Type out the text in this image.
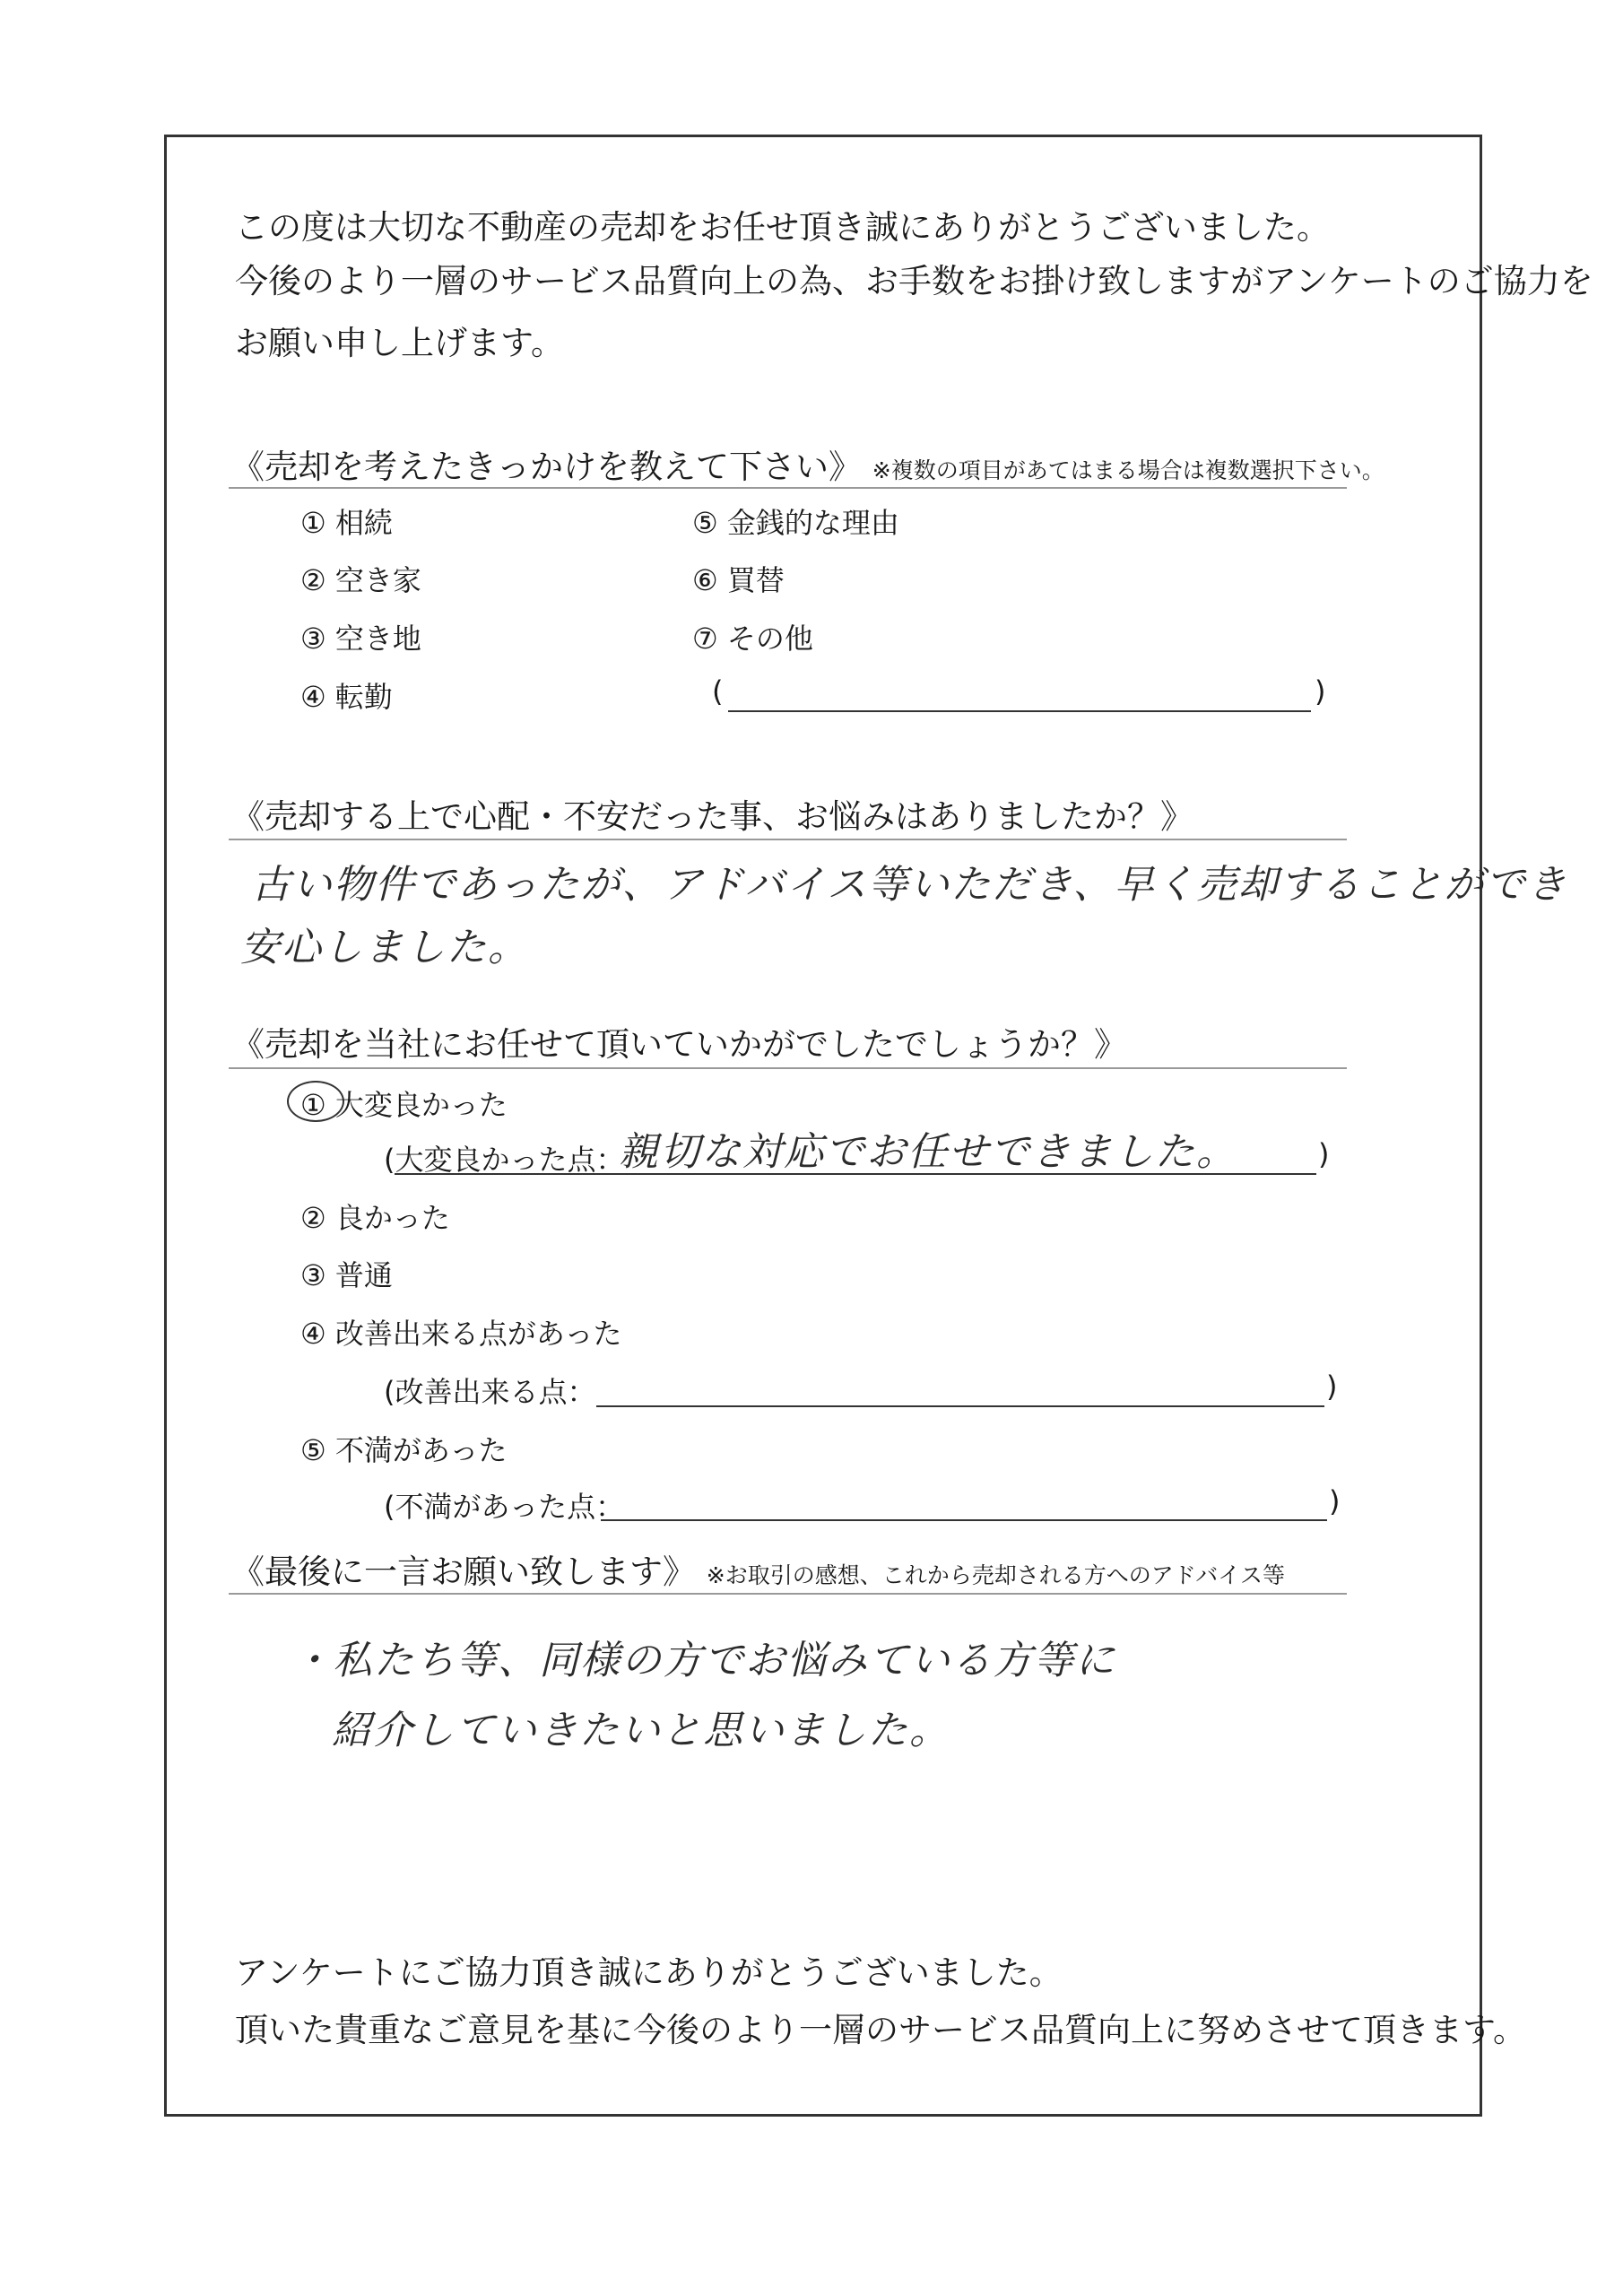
この度は大切な不動産の売却をお任せ頂き誠にありがとうございました。
今後のより一層のサービス品質向上の為、お手数をお掛け致しますがアンケートのご協力を
お願い申し上げます。
《売却を考えたきっかけを教えて下さい》 ※複数の項目があてはまる場合は複数選択下さい。
① 相続
② 空き家
③ 空き地
④ 転勤
⑤ 金銭的な理由
⑥ 買替
⑦ その他
(	)
《売却する上で心配・不安だった事、お悩みはありましたか？》
古い物件であったが、アドバイス等いただき、早く売却することができ
安心しました。
《売却を当社にお任せて頂いていかがでしたでしょうか？》
① 大変良かった
(大変良かった点：
親切な対応でお任せできました。	)
② 良かった
③ 普通
④ 改善出来る点があった
(改善出来る点：	)
⑤ 不満があった
(不満があった点：	)
《最後に一言お願い致します》 ※お取引の感想、これから売却される方へのアドバイス等
・私たち等、同様の方でお悩みている方等に
紹介していきたいと思いました。
アンケートにご協力頂き誠にありがとうございました。
頂いた貴重なご意見を基に今後のより一層のサービス品質向上に努めさせて頂きます。
